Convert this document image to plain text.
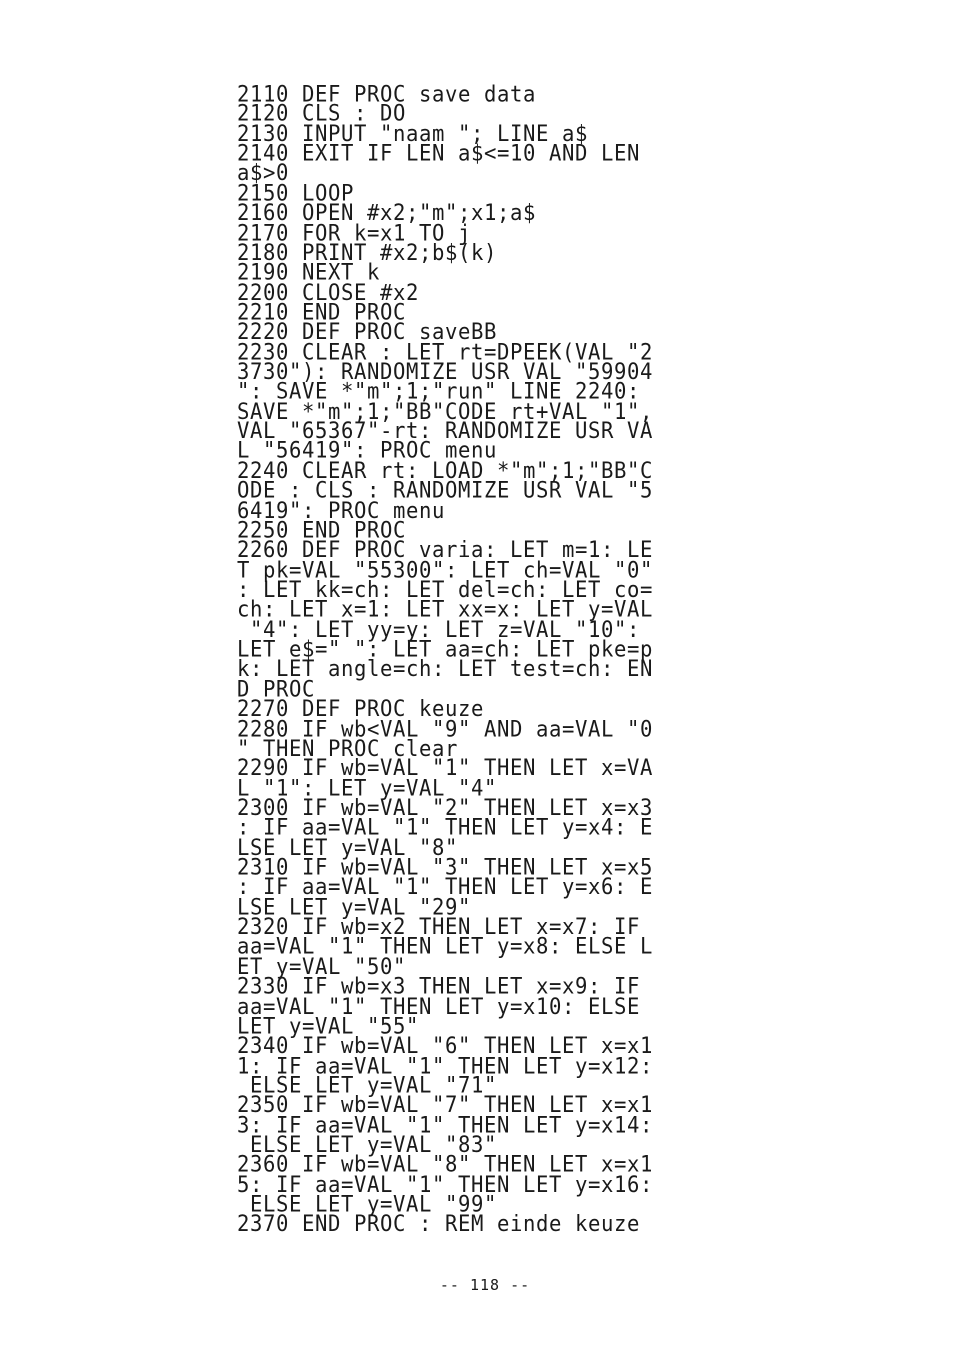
2110 DEF PROC save data
2120 CLS : DO
2130 INPUT "naam "; LINE a$
2140 EXIT IF LEN a$<=10 AND LEN
a$>0
2150 LOOP
2160 OPEN #x2;"m";x1;a$
2170 FOR k=x1 TO j
2180 PRINT #x2;b$(k)
2190 NEXT k
2200 CLOSE #x2
2210 END PROC
2220 DEF PROC saveBB
2230 CLEAR : LET rt=DPEEK(VAL "2
3730"): RANDOMIZE USR VAL "59904
": SAVE *"m";1;"run" LINE 2240:
SAVE *"m";1;"BB"CODE rt+VAL "1",
VAL "65367"-rt: RANDOMIZE USR VA
L "56419": PROC menu
2240 CLEAR rt: LOAD *"m";1;"BB"C
ODE : CLS : RANDOMIZE USR VAL "5
6419": PROC menu
2250 END PROC
2260 DEF PROC varia: LET m=1: LE
T pk=VAL "55300": LET ch=VAL "0"
: LET kk=ch: LET del=ch: LET co=
ch: LET x=1: LET xx=x: LET y=VAL
"4": LET yy=y: LET z=VAL "10":
LET e$=" ": LET aa=ch: LET pke=p
k: LET angle=ch: LET test=ch: EN
D PROC
2270 DEF PROC keuze
2280 IF wb<VAL "9" AND aa=VAL "0
" THEN PROC clear
2290 IF wb=VAL "1" THEN LET x=VA
L "1": LET y=VAL "4"
2300 IF wb=VAL "2" THEN LET x=x3
: IF aa=VAL "1" THEN LET y=x4: E
LSE LET y=VAL "8"
2310 IF wb=VAL "3" THEN LET x=x5
: IF aa=VAL "1" THEN LET y=x6: E
LSE LET y=VAL "29"
2320 IF wb=x2 THEN LET x=x7: IF
aa=VAL "1" THEN LET y=x8: ELSE L
ET y=VAL "50"
2330 IF wb=x3 THEN LET x=x9: IF
aa=VAL "1" THEN LET y=x10: ELSE
LET y=VAL "55"
2340 IF wb=VAL "6" THEN LET x=x1
1: IF aa=VAL "1" THEN LET y=x12:
ELSE LET y=VAL "71"
2350 IF wb=VAL "7" THEN LET x=x1
3: IF aa=VAL "1" THEN LET y=x14:
ELSE LET y=VAL "83"
2360 IF wb=VAL "8" THEN LET x=x1
5: IF aa=VAL "1" THEN LET y=x16:
ELSE LET y=VAL "99"
2370 END PROC : REM einde keuze
-- 118 --
